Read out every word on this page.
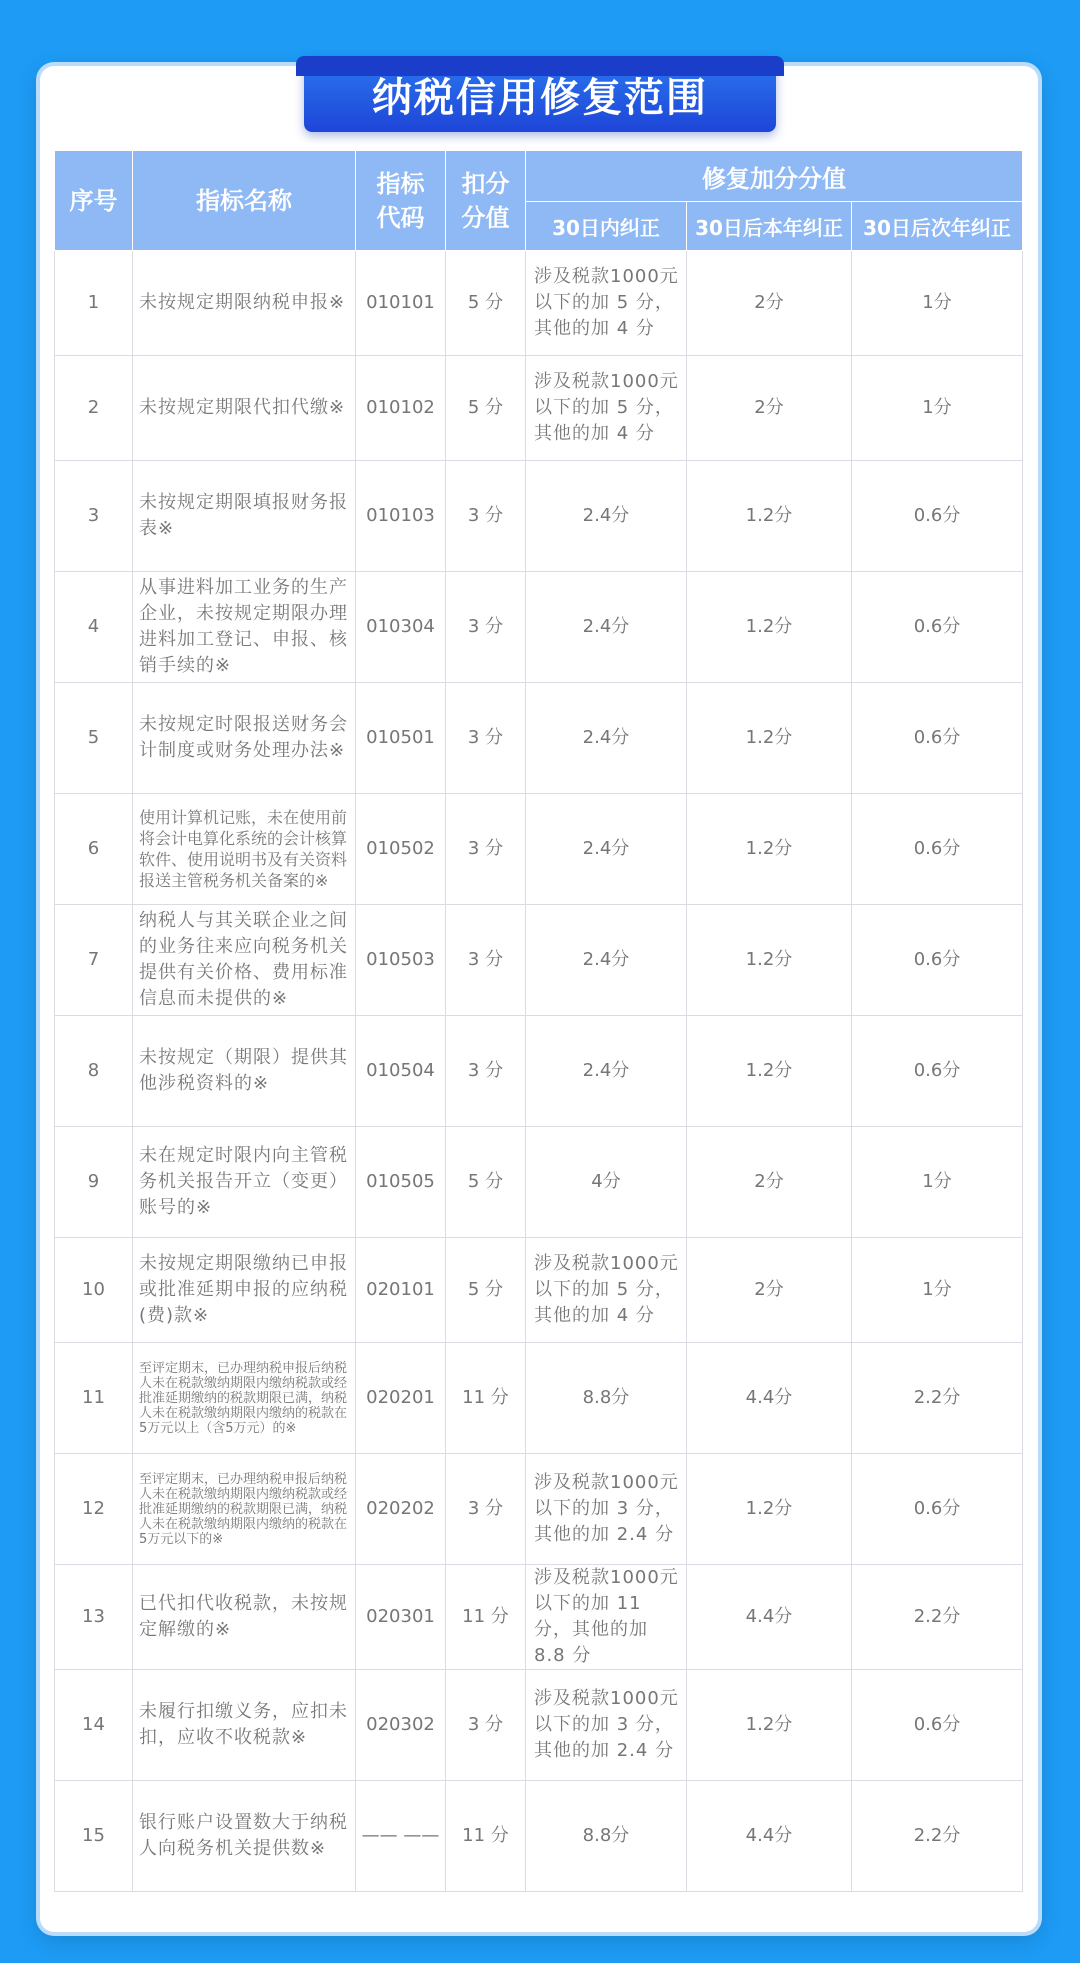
纳税信用修复范围
序号	指标名称	指标代码	扣分分值	修复加分分值		
				30日内纠正	30日后本年纠正	30日后次年纠正
1	未按规定期限纳税申报※	010101	5 分	涉及税款1000元以下的加 5 分，其他的加 4 分	2分	1分
2	未按规定期限代扣代缴※	010102	5 分	涉及税款1000元以下的加 5 分，其他的加 4 分	2分	1分
3	未按规定期限填报财务报表※	010103	3 分	2.4分	1.2分	0.6分
4	从事进料加工业务的生产企业，未按规定期限办理进料加工登记、申报、核销手续的※	010304	3 分	2.4分	1.2分	0.6分
5	未按规定时限报送财务会计制度或财务处理办法※	010501	3 分	2.4分	1.2分	0.6分
6	使用计算机记账，未在使用前将会计电算化系统的会计核算软件、使用说明书及有关资料报送主管税务机关备案的※	010502	3 分	2.4分	1.2分	0.6分
7	纳税人与其关联企业之间的业务往来应向税务机关提供有关价格、费用标准信息而未提供的※	010503	3 分	2.4分	1.2分	0.6分
8	未按规定（期限）提供其他涉税资料的※	010504	3 分	2.4分	1.2分	0.6分
9	未在规定时限内向主管税务机关报告开立（变更）账号的※	010505	5 分	4分	2分	1分
10	未按规定期限缴纳已申报或批准延期申报的应纳税(费)款※	020101	5 分	涉及税款1000元以下的加 5 分，其他的加 4 分	2分	1分
11	至评定期末，已办理纳税申报后纳税人未在税款缴纳期限内缴纳税款或经批准延期缴纳的税款期限已满，纳税人未在税款缴纳期限内缴纳的税款在5万元以上（含5万元）的※	020201	11 分	8.8分	4.4分	2.2分
12	至评定期末，已办理纳税申报后纳税人未在税款缴纳期限内缴纳税款或经批准延期缴纳的税款期限已满，纳税人未在税款缴纳期限内缴纳的税款在5万元以下的※	020202	3 分	涉及税款1000元以下的加 3 分，其他的加 2.4 分	1.2分	0.6分
13	已代扣代收税款，未按规定解缴的※	020301	11 分	涉及税款1000元以下的加 11 分，其他的加 8.8 分	4.4分	2.2分
14	未履行扣缴义务，应扣未扣，应收不收税款※	020302	3 分	涉及税款1000元以下的加 3 分，其他的加 2.4 分	1.2分	0.6分
15	银行账户设置数大于纳税人向税务机关提供数※	—— ——	11 分	8.8分	4.4分	2.2分
